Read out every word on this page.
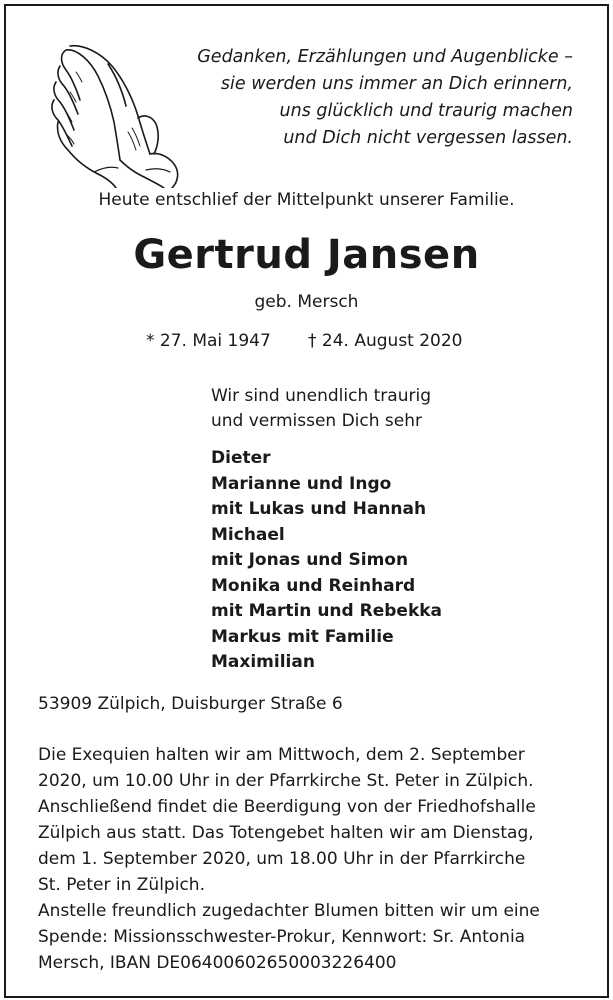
Gedanken, Erzählungen und Augenblicke –
sie werden uns immer an Dich erinnern,
uns glücklich und traurig machen
und Dich nicht vergessen lassen.
Heute entschlief der Mittelpunkt unserer Familie.
Gertrud Jansen
geb. Mersch
* 27. Mai 1947 † 24. August 2020
Wir sind unendlich traurig
und vermissen Dich sehr
Dieter
Marianne und Ingo
mit Lukas und Hannah
Michael
mit Jonas und Simon
Monika und Reinhard
mit Martin und Rebekka
Markus mit Familie
Maximilian
53909 Zülpich, Duisburger Straße 6
Die Exequien halten wir am Mittwoch, dem 2. September
2020, um 10.00 Uhr in der Pfarrkirche St. Peter in Zülpich.
Anschließend findet die Beerdigung von der Friedhofshalle
Zülpich aus statt. Das Totengebet halten wir am Dienstag,
dem 1. September 2020, um 18.00 Uhr in der Pfarrkirche
St. Peter in Zülpich.
Anstelle freundlich zugedachter Blumen bitten wir um eine
Spende: Missionsschwester-Prokur, Kennwort: Sr. Antonia
Mersch, IBAN DE06400602650003226400
